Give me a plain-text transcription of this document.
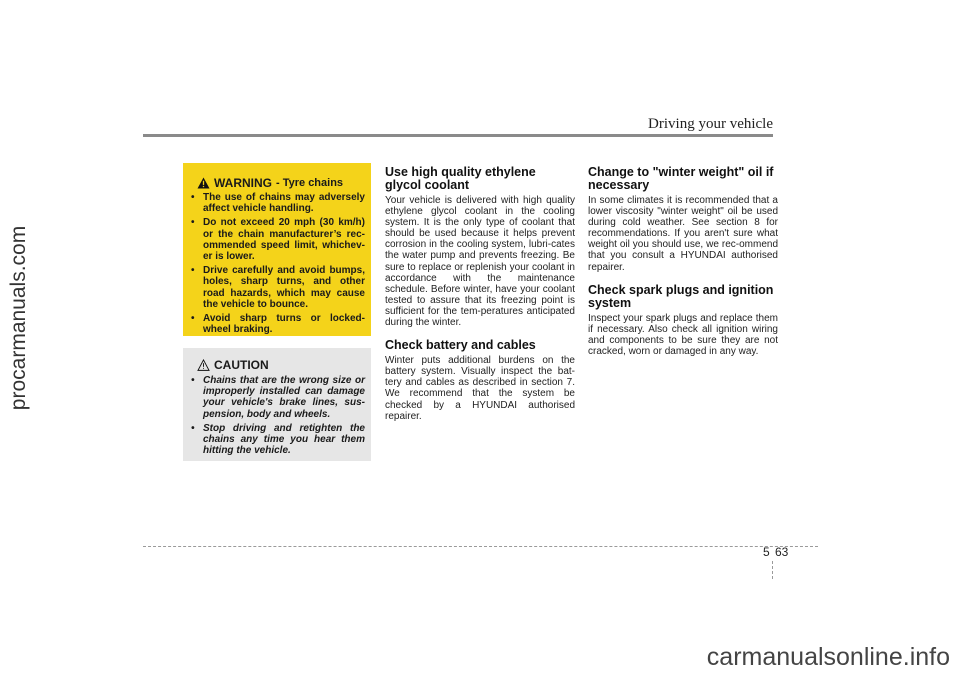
procarmanuals.com
Driving your vehicle
WARNING - Tyre chains
• The use of chains may adversely affect vehicle handling.
• Do not exceed 20 mph (30 km/h) or the chain manufacturer’s rec-ommended speed limit, whichev-er is lower.
• Drive carefully and avoid bumps, holes, sharp turns, and other road hazards, which may cause the vehicle to bounce.
• Avoid sharp turns or locked-wheel braking.
CAUTION
• Chains that are the wrong size or improperly installed can damage your vehicle's brake lines, sus-pension, body and wheels.
• Stop driving and retighten the chains any time you hear them hitting the vehicle.
Use high quality ethylene glycol coolant

Your vehicle is delivered with high quality ethylene glycol coolant in the cooling system. It is the only type of coolant that should be used because it helps prevent corrosion in the cooling system, lubri-cates the water pump and prevents freezing. Be sure to replace or replenish your coolant in accordance with the maintenance schedule. Before winter, have your coolant tested to assure that its freezing point is sufficient for the tem-peratures anticipated during the winter.

Check battery and cables

Winter puts additional burdens on the battery system. Visually inspect the bat-tery and cables as described in section 7. We recommend that the system be checked by a HYUNDAI authorised repairer.

Change to "winter weight" oil if necessary

In some climates it is recommended that a lower viscosity "winter weight" oil be used during cold weather. See section 8 for recommendations. If you aren't sure what weight oil you should use, we rec-ommend that you consult a HYUNDAI authorised repairer.

Check spark plugs and ignition system

Inspect your spark plugs and replace them if necessary. Also check all ignition wiring and components to be sure they are not cracked, worn or damaged in any way.

5 63
carmanualsonline.info
